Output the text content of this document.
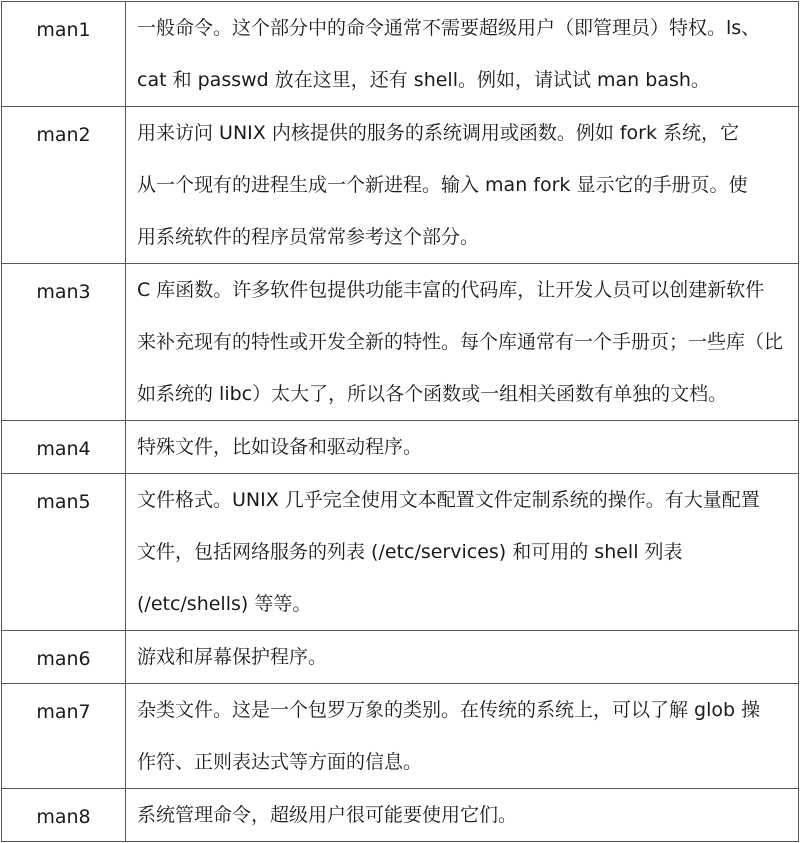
man1	一般命令。这个部分中的命令通常不需要超级用户（即管理员）特权。ls、
cat 和 passwd 放在这里，还有 shell。例如，请试试 man bash。

man2	用来访问 UNIX 内核提供的服务的系统调用或函数。例如 fork 系统，它
从一个现有的进程生成一个新进程。输入 man fork 显示它的手册页。使
用系统软件的程序员常常参考这个部分。

man3	C 库函数。许多软件包提供功能丰富的代码库，让开发人员可以创建新软件
来补充现有的特性或开发全新的特性。每个库通常有一个手册页；一些库（比
如系统的 libc）太大了，所以各个函数或一组相关函数有单独的文档。

man4	特殊文件，比如设备和驱动程序。

man5	文件格式。UNIX 几乎完全使用文本配置文件定制系统的操作。有大量配置
文件，包括网络服务的列表 (/etc/services) 和可用的 shell 列表
(/etc/shells) 等等。

man6	游戏和屏幕保护程序。

man7	杂类文件。这是一个包罗万象的类别。在传统的系统上，可以了解 glob 操
作符、正则表达式等方面的信息。

man8	系统管理命令，超级用户很可能要使用它们。
